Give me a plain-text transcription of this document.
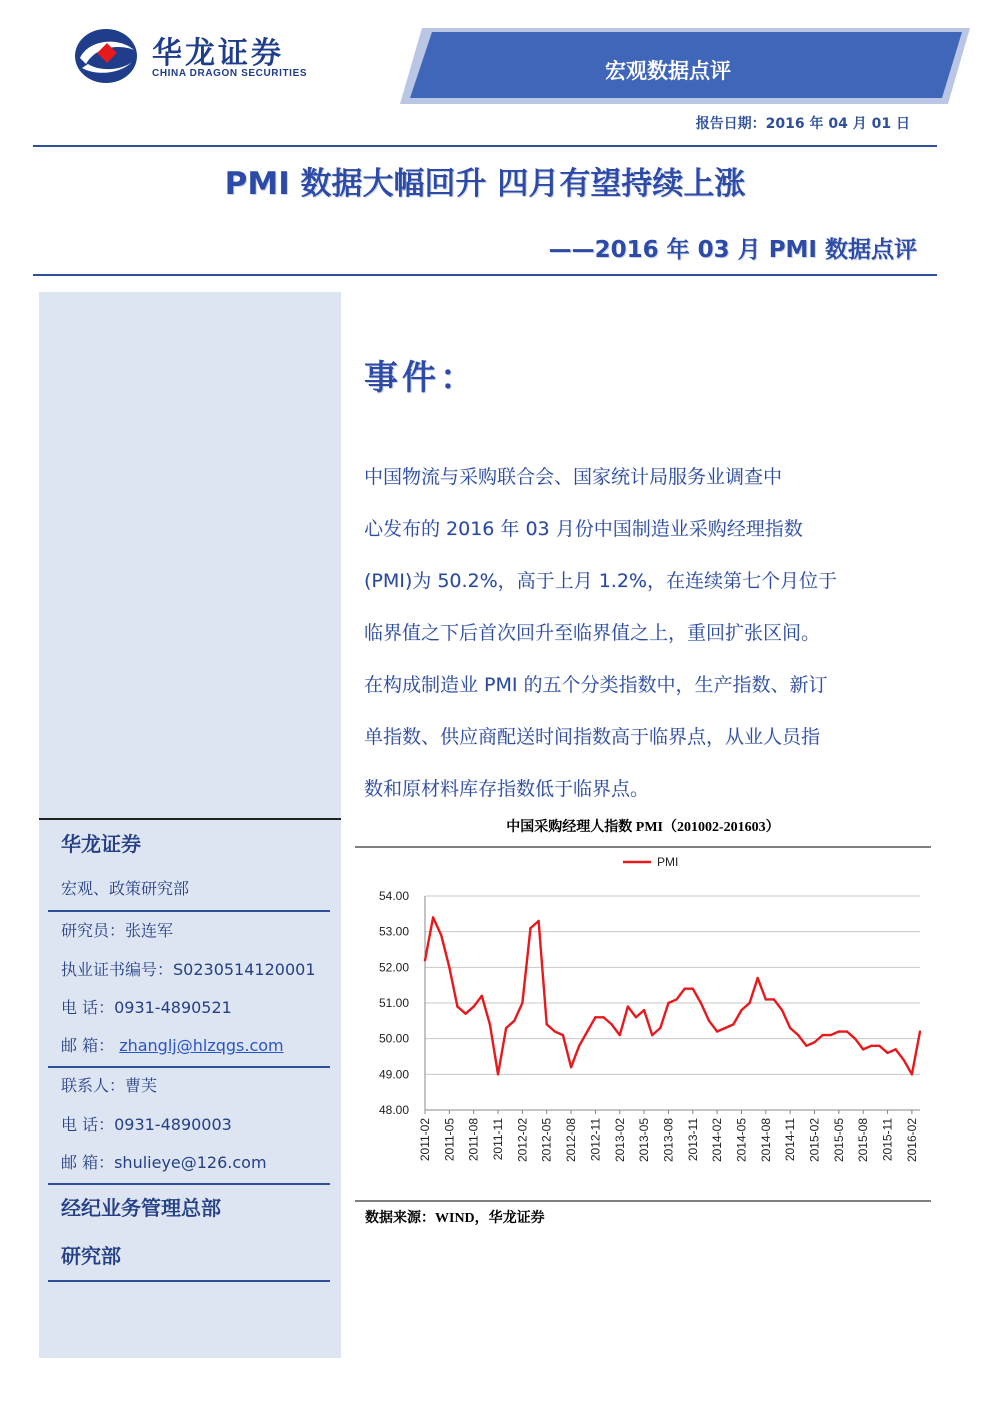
华龙证券
CHINA DRAGON SECURITIES	宏观数据点评
报告日期：2016 年 04 月 01 日
PMI 数据大幅回升 四月有望持续上涨
——2016 年 03 月 PMI 数据点评
华龙证券
宏观、政策研究部
研究员：张连军
执业证书编号：S0230514120001
电 话：0931-4890521
邮 箱： zhanglj@hlzqgs.com
联系人：曹芙
电 话：0931-4890003
邮 箱：shulieye@126.com
经纪业务管理总部
研究部
事件：
中国物流与采购联合会、国家统计局服务业调查中
心发布的 2016 年 03 月份中国制造业采购经理指数
(PMI)为 50.2%，高于上月 1.2%，在连续第七个月位于
临界值之下后首次回升至临界值之上，重回扩张区间。
在构成制造业 PMI 的五个分类指数中，生产指数、新订
单指数、供应商配送时间指数高于临界点，从业人员指
数和原材料库存指数低于临界点。
中国采购经理人指数 PMI（201002-201603）
48.00
49.00
50.00
51.00
52.00
53.00
54.00
2011-02 2011-05 2011-08 2011-11 2012-02 2012-05 2012-08 2012-11 2013-02 2013-05 2013-08 2013-11 2014-02 2014-05 2014-08 2014-11 2015-02 2015-05 2015-08 2015-11 2016-02
PMI
数据来源：WIND，华龙证券
